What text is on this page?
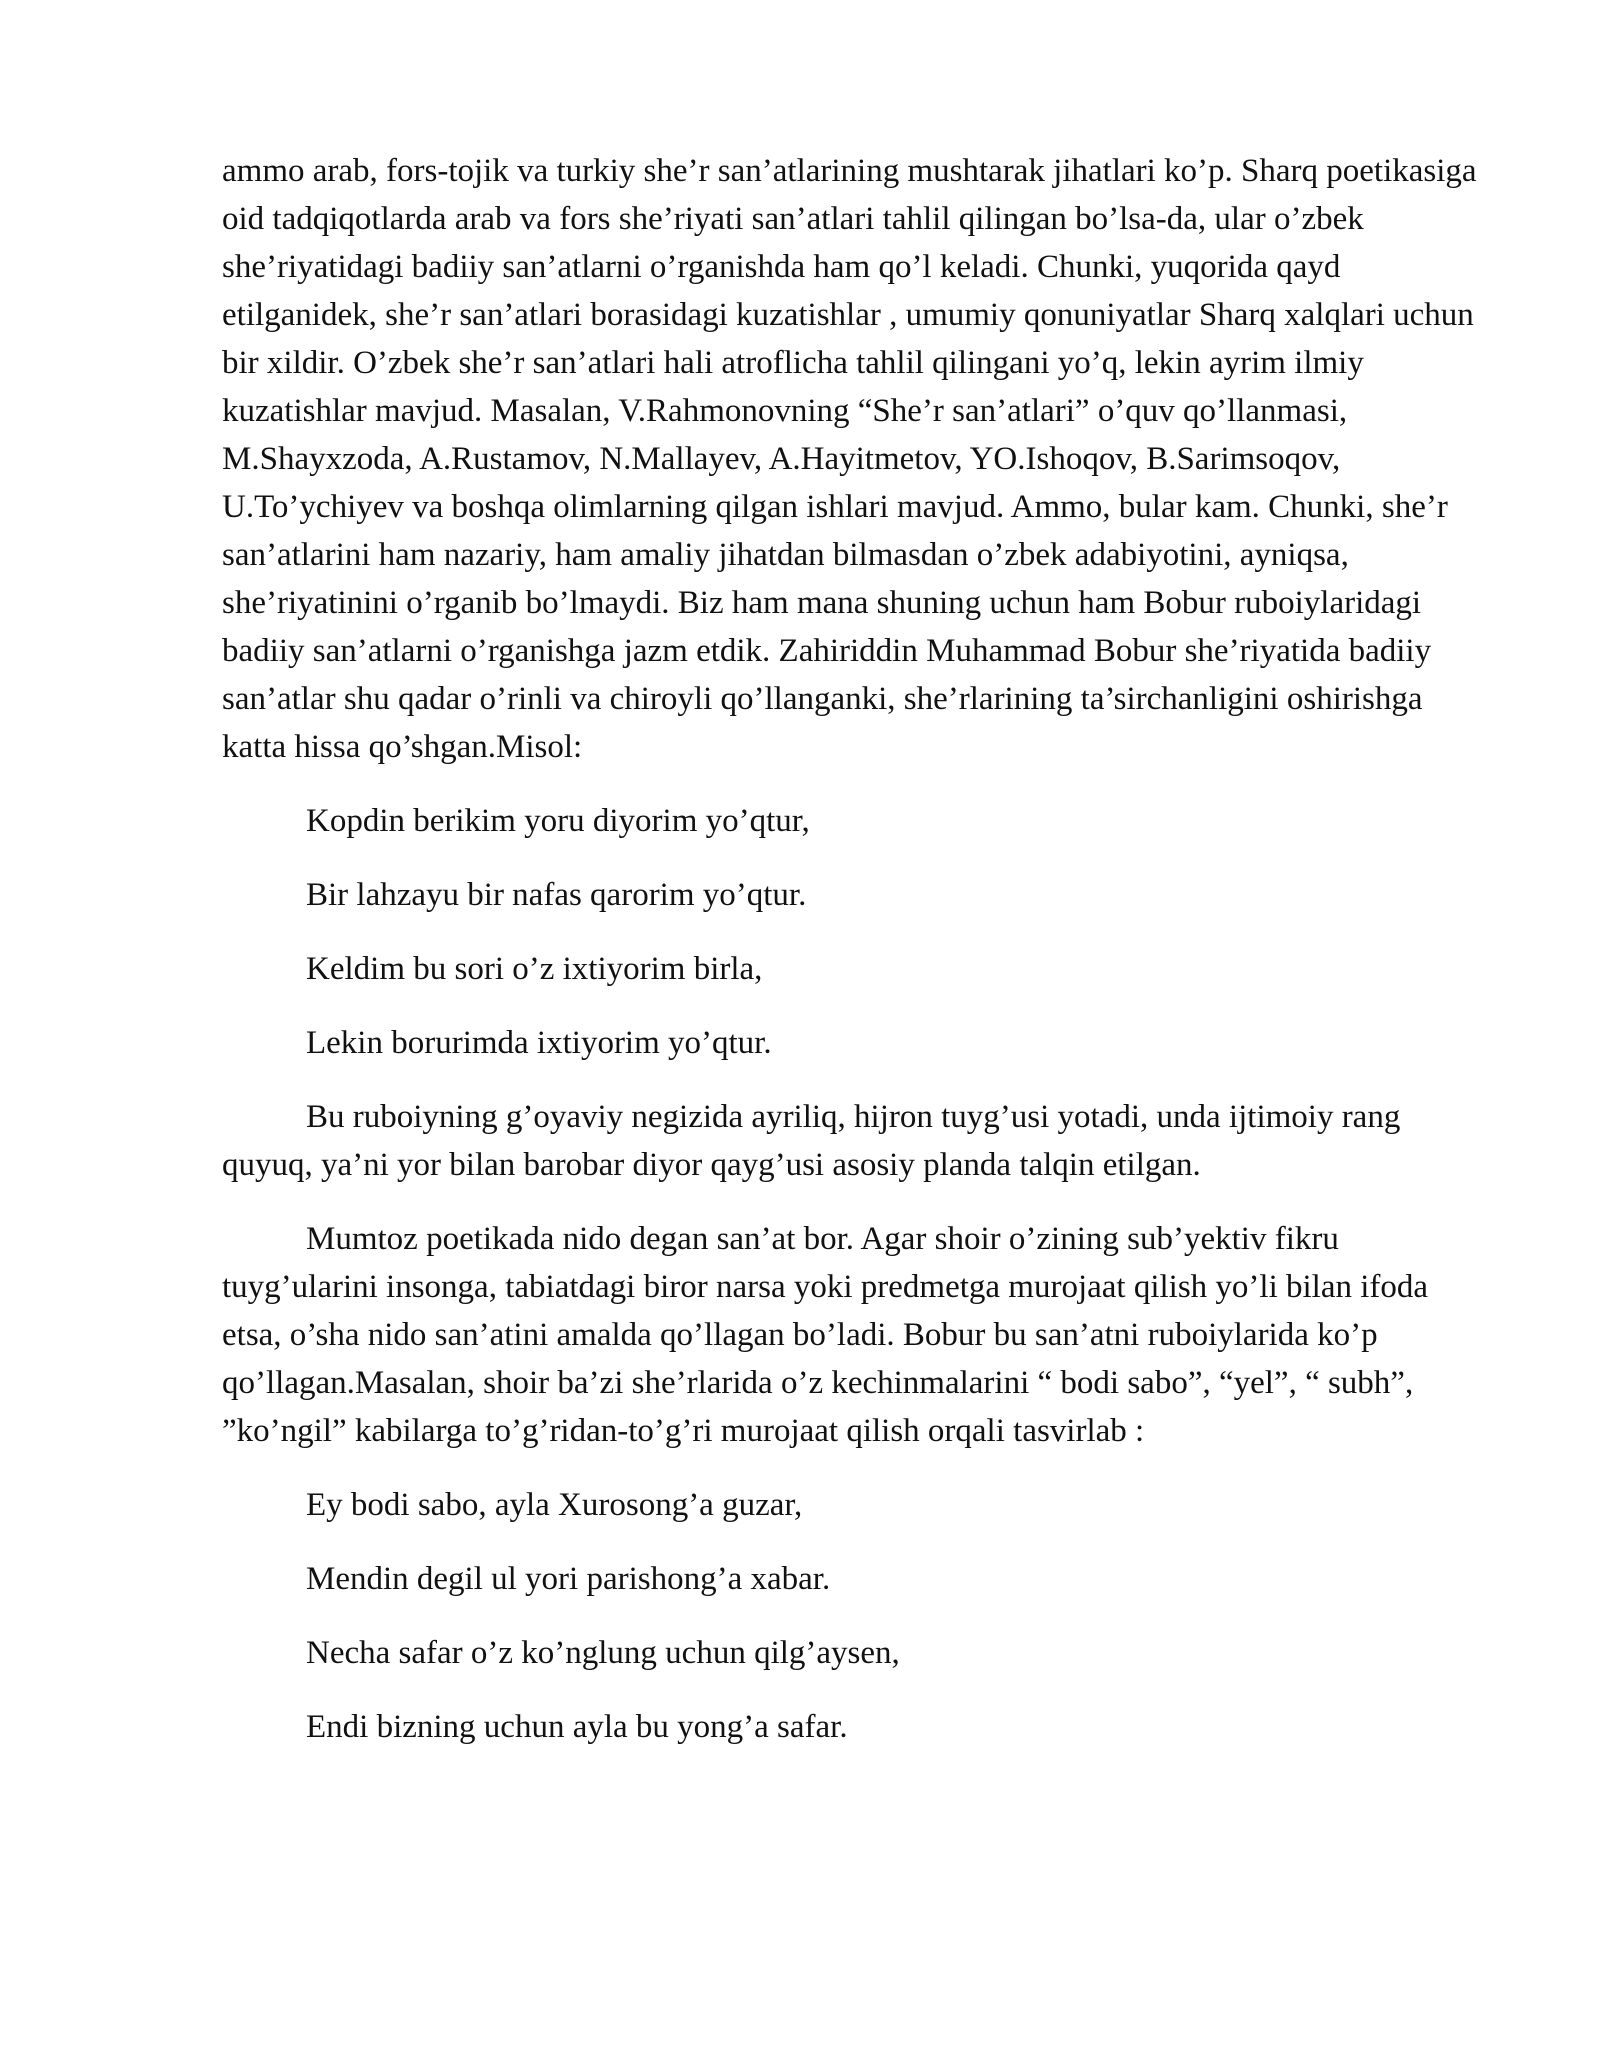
ammo arab, fors-tojik va turkiy she’r san’atlarining mushtarak jihatlari ko’p. Sharq poetikasiga oid tadqiqotlarda arab va fors she’riyati san’atlari tahlil qilingan bo’lsa-da, ular o’zbek she’riyatidagi badiiy san’atlarni o’rganishda ham qo’l keladi. Chunki, yuqorida qayd etilganidek, she’r san’atlari borasidagi kuzatishlar , umumiy qonuniyatlar Sharq xalqlari uchun bir xildir. O’zbek she’r san’atlari hali atroflicha tahlil qilingani yo’q, lekin ayrim ilmiy kuzatishlar mavjud. Masalan, V.Rahmonovning “She’r san’atlari” o’quv qo’llanmasi, M.Shayxzoda, A.Rustamov, N.Mallayev, A.Hayitmetov, YO.Ishoqov, B.Sarimsoqov, U.To’ychiyev va boshqa olimlarning qilgan ishlari mavjud. Ammo, bular kam. Chunki, she’r san’atlarini ham nazariy, ham amaliy jihatdan bilmasdan o’zbek adabiyotini, ayniqsa, she’riyatinini o’rganib bo’lmaydi. Biz ham mana shuning uchun ham Bobur ruboiylaridagi badiiy san’atlarni o’rganishga jazm etdik. Zahiriddin Muhammad Bobur she’riyatida badiiy san’atlar shu qadar o’rinli va chiroyli qo’llanganki, she’rlarining ta’sirchanligini oshirishga katta hissa qo’shgan.Misol:

Kopdin berikim yoru diyorim yo’qtur,

Bir lahzayu bir nafas qarorim yo’qtur.

Keldim bu sori o’z ixtiyorim birla,

Lekin borurimda ixtiyorim yo’qtur.

Bu ruboiyning g’oyaviy negizida ayriliq, hijron tuyg’usi yotadi, unda ijtimoiy rang quyuq, ya’ni yor bilan barobar diyor qayg’usi asosiy planda talqin etilgan.

Mumtoz poetikada nido degan san’at bor. Agar shoir o’zining sub’yektiv fikru tuyg’ularini insonga, tabiatdagi biror narsa yoki predmetga murojaat qilish yo’li bilan ifoda etsa, o’sha nido san’atini amalda qo’llagan bo’ladi. Bobur bu san’atni ruboiylarida ko’p qo’llagan.Masalan, shoir ba’zi she’rlarida o’z kechinmalarini “ bodi sabo”, “yel”, “ subh”, ”ko’ngil” kabilarga to’g’ridan-to’g’ri murojaat qilish orqali tasvirlab :

Ey bodi sabo, ayla Xurosong’a guzar,

Mendin degil ul yori parishong’a xabar.

Necha safar o’z ko’nglung uchun qilg’aysen,

Endi bizning uchun ayla bu yong’a safar.
